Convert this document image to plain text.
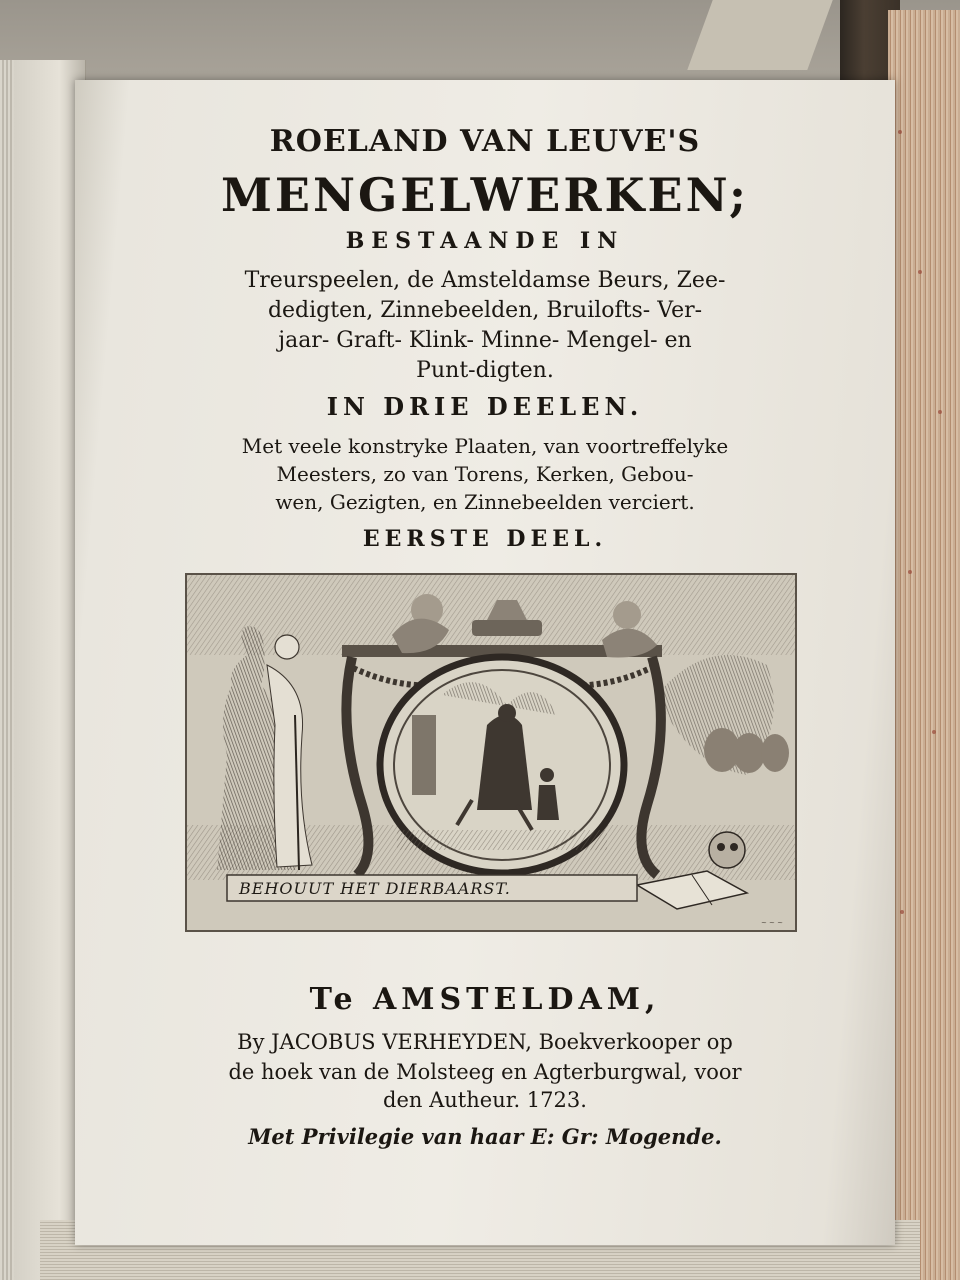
ROELAND VAN LEUVE'S
MENGELWERKEN;
BESTAANDE IN
Treurspeelen, de Amsteldamse Beurs, Zee-
dedigten, Zinnebeelden, Bruilofts- Ver-
jaar- Graft- Klink- Minne- Mengel- en
Punt-digten.
IN DRIE DEELEN.
Met veele konstryke Plaaten, van voortreffelyke
Meesters, zo van Torens, Kerken, Gebou-
wen, Gezigten, en Zinnebeelden verciert.
EERSTE DEEL.
BEHOUUT HET DIERBAARST.
~ ~ ~
Te AMSTELDAM,
By JACOBUS VERHEYDEN, Boekverkooper op
de hoek van de Molsteeg en Agterburgwal, voor
den Autheur. 1723.
Met Privilegie van haar E: Gr: Mogende.
